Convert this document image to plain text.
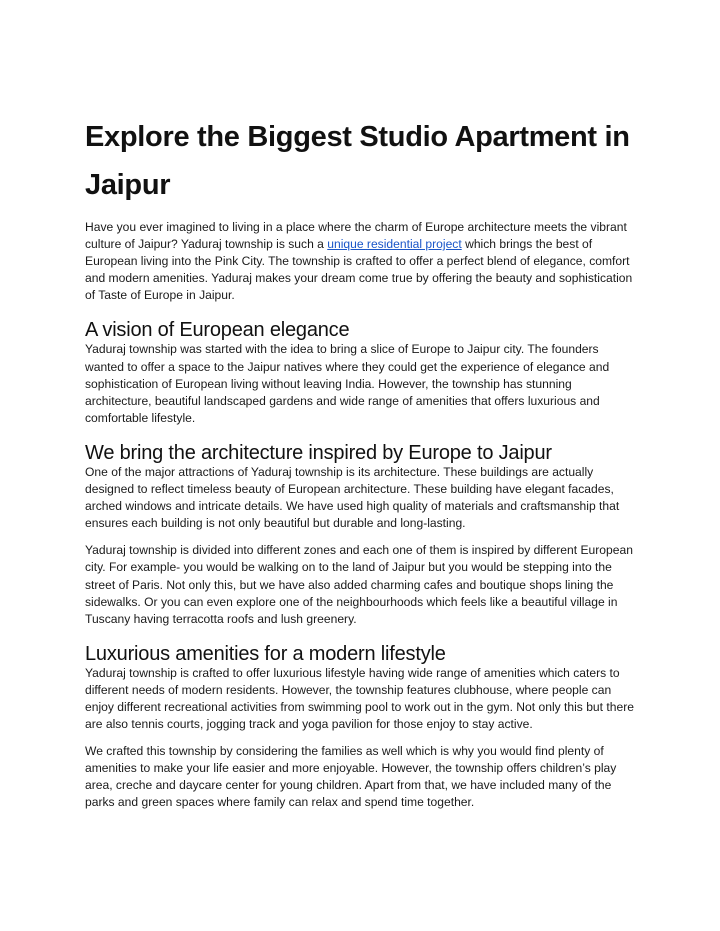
Explore the Biggest Studio Apartment in Jaipur

Have you ever imagined to living in a place where the charm of Europe architecture meets the vibrant culture of Jaipur? Yaduraj township is such a unique residential project which brings the best of European living into the Pink City. The township is crafted to offer a perfect blend of elegance, comfort and modern amenities. Yaduraj makes your dream come true by offering the beauty and sophistication of Taste of Europe in Jaipur.

A vision of European elegance

Yaduraj township was started with the idea to bring a slice of Europe to Jaipur city. The founders wanted to offer a space to the Jaipur natives where they could get the experience of elegance and sophistication of European living without leaving India. However, the township has stunning architecture, beautiful landscaped gardens and wide range of amenities that offers luxurious and comfortable lifestyle.

We bring the architecture inspired by Europe to Jaipur

One of the major attractions of Yaduraj township is its architecture. These buildings are actually designed to reflect timeless beauty of European architecture. These building have elegant facades, arched windows and intricate details. We have used high quality of materials and craftsmanship that ensures each building is not only beautiful but durable and long-lasting.

Yaduraj township is divided into different zones and each one of them is inspired by different European city. For example- you would be walking on to the land of Jaipur but you would be stepping into the street of Paris. Not only this, but we have also added charming cafes and boutique shops lining the sidewalks. Or you can even explore one of the neighbourhoods which feels like a beautiful village in Tuscany having terracotta roofs and lush greenery.

Luxurious amenities for a modern lifestyle

Yaduraj township is crafted to offer luxurious lifestyle having wide range of amenities which caters to different needs of modern residents. However, the township features clubhouse, where people can enjoy different recreational activities from swimming pool to work out in the gym. Not only this but there are also tennis courts, jogging track and yoga pavilion for those enjoy to stay active.

We crafted this township by considering the families as well which is why you would find plenty of amenities to make your life easier and more enjoyable. However, the township offers children’s play area, creche and daycare center for young children. Apart from that, we have included many of the parks and green spaces where family can relax and spend time together.
